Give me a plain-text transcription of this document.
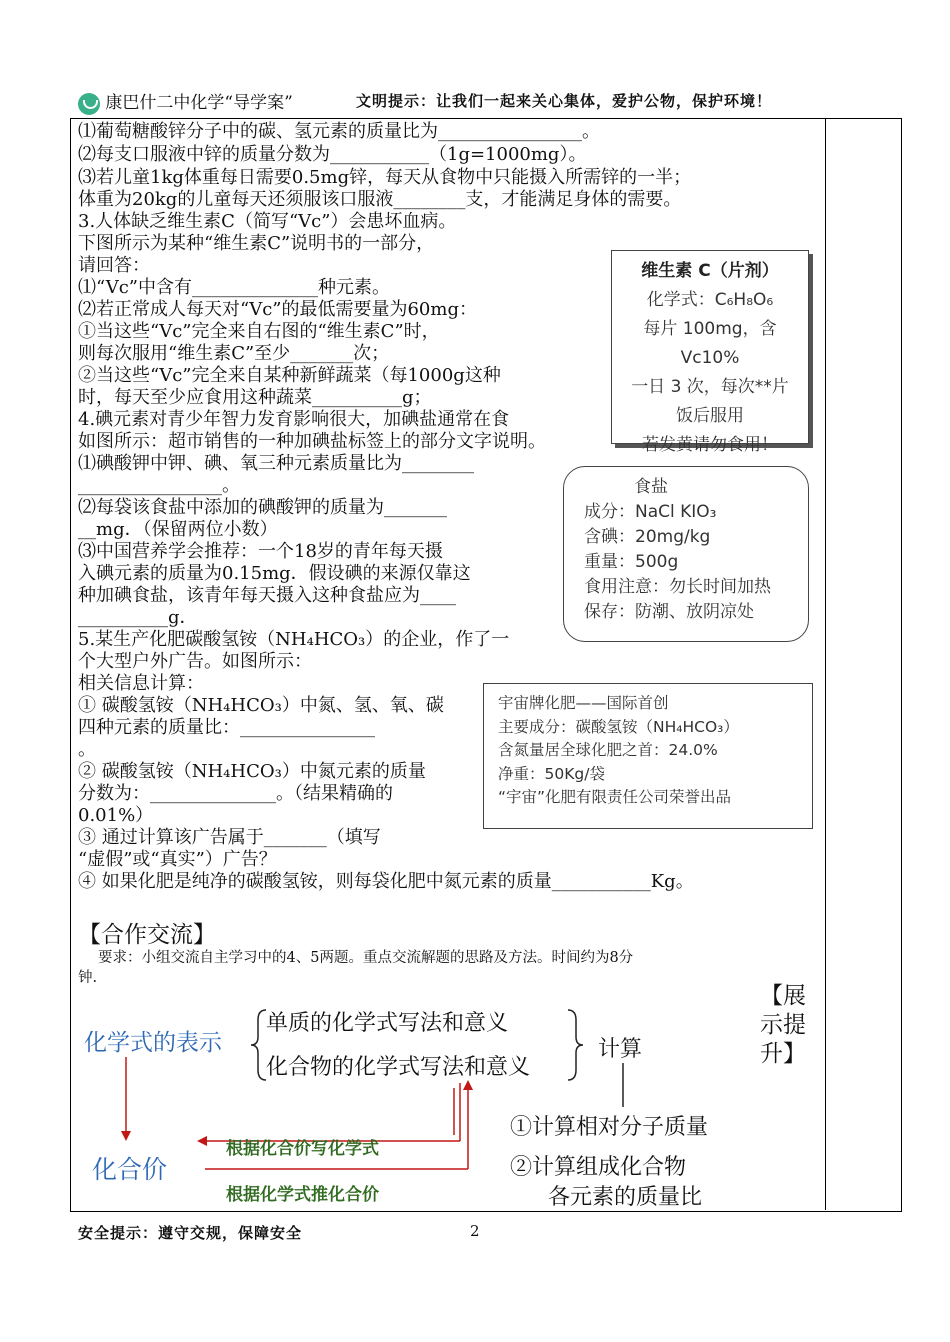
康巴什二中化学“导学案”	文明提示：让我们一起来关心集体，爱护公物，保护环境！
⑴葡萄糖酸锌分子中的碳、氢元素的质量比为________________。
⑵每支口服液中锌的质量分数为___________（1g=1000mg）。
⑶若儿童1kg体重每日需要0.5mg锌，每天从食物中只能摄入所需锌的一半；
体重为20kg的儿童每天还须服该口服液________支，才能满足身体的需要。
3.人体缺乏维生素C（简写“Vc”）会患坏血病。
下图所示为某种“维生素C”说明书的一部分，
请回答：
⑴“Vc”中含有______________种元素。
⑵若正常成人每天对“Vc”的最低需要量为60mg：
①当这些“Vc”完全来自右图的“维生素C”时，
则每次服用“维生素C”至少_______次；
②当这些“Vc”完全来自某种新鲜蔬菜（每1000g这种
时，每天至少应食用这种蔬菜__________g；
4.碘元素对青少年智力发育影响很大，加碘盐通常在食
如图所示：超市销售的一种加碘盐标签上的部分文字说明。
⑴碘酸钾中钾、碘、氧三种元素质量比为________
________________。
⑵每袋该食盐中添加的碘酸钾的质量为_______
__mg．（保留两位小数）
⑶中国营养学会推荐：一个18岁的青年每天摄
入碘元素的质量为0.15mg．假设碘的来源仅靠这
种加碘食盐，该青年每天摄入这种食盐应为____
__________g．
5.某生产化肥碳酸氢铵（NH₄HCO₃）的企业，作了一
个大型户外广告。如图所示：
相关信息计算：
① 碳酸氢铵（NH₄HCO₃）中氮、氢、氧、碳
四种元素的质量比：_______________
。
② 碳酸氢铵（NH₄HCO₃）中氮元素的质量
分数为：______________。（结果精确的
0.01%）
③ 通过计算该广告属于_______（填写
“虚假”或“真实”）广告？
④ 如果化肥是纯净的碳酸氢铵，则每袋化肥中氮元素的质量___________Kg。
维生素 C（片剂）
化学式：C₆H₈O₆
每片 100mg，含 Vc10%
一日 3 次，每次**片
饭后服用
若发黄请勿食用！
食盐
成分：NaCl KIO₃
含碘：20mg/kg
重量：500g
食用注意：勿长时间加热
保存：防潮、放阴凉处
宇宙牌化肥——国际首创
主要成分：碳酸氢铵（NH₄HCO₃）
含氮量居全球化肥之首：24.0%
净重：50Kg/袋
“宇宙”化肥有限责任公司荣誉出品
【合作交流】
要求：小组交流自主学习中的4、5两题。重点交流解题的思路及方法。时间约为8分
钟.
【展
示提
升】
化学式的表示
单质的化学式写法和意义
化合物的化学式写法和意义
计算
化合价
根据化合价写化学式
根据化学式推化合价
①计算相对分子质量
②计算组成化合物
各元素的质量比
安全提示：遵守交规，保障安全	2
